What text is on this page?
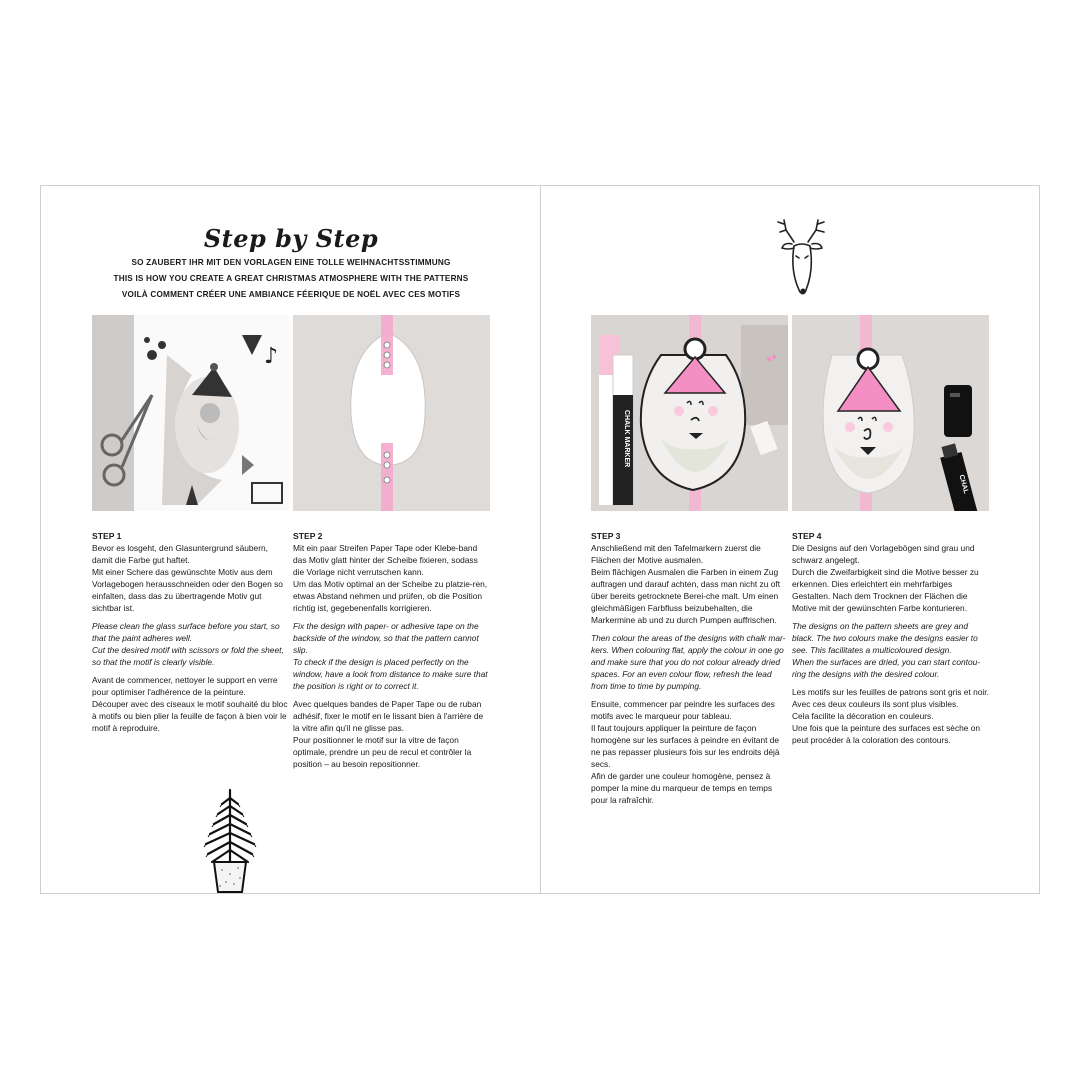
Step by Step
SO ZAUBERT IHR MIT DEN VORLAGEN EINE TOLLE WEIHNACHTSSTIMMUNG
THIS IS HOW YOU CREATE A GREAT CHRISTMAS ATMOSPHERE WITH THE PATTERNS
VOILÀ COMMENT CRÉER UNE AMBIANCE FÉERIQUE DE NOËL AVEC CES MOTIFS
♪
CHALK MARKER
CHAL
STEP 1

Bevor es losgeht, den Glasuntergrund säubern, damit die Farbe gut haftet.
Mit einer Schere das gewünschte Motiv aus dem Vorlagebogen herausschneiden oder den Bogen so einfalten, dass das zu übertragende Motiv gut sichtbar ist.

Please clean the glass surface before you start, so that the paint adheres well.
Cut the desired motif with scissors or fold the sheet, so that the motif is clearly visible.

Avant de commencer, nettoyer le support en verre pour optimiser l'adhérence de la peinture.
Découper avec des ciseaux le motif souhaité du bloc à motifs ou bien plier la feuille de façon à bien voir le motif à reproduire.

STEP 2

Mit ein paar Streifen Paper Tape oder Klebe-band das Motiv glatt hinter der Scheibe fixieren, sodass die Vorlage nicht verrutschen kann.
Um das Motiv optimal an der Scheibe zu platzie-ren, etwas Abstand nehmen und prüfen, ob die Position richtig ist, gegebenenfalls korrigieren.

Fix the design with paper- or adhesive tape on the backside of the window, so that the pattern cannot slip.
To check if the design is placed perfectly on the window, have a look from distance to make sure that the position is right or to correct it.

Avec quelques bandes de Paper Tape ou de ruban adhésif, fixer le motif en le lissant bien à l'arrière de la vitre afin qu'il ne glisse pas.
Pour positionner le motif sur la vitre de façon optimale, prendre un peu de recul et contrôler la position – au besoin repositionner.

STEP 3

Anschließend mit den Tafelmarkern zuerst die Flächen der Motive ausmalen.
Beim flächigen Ausmalen die Farben in einem Zug auftragen und darauf achten, dass man nicht zu oft über bereits getrocknete Berei-che malt. Um einen gleichmäßigen Farbfluss beizubehalten, die Markermine ab und zu durch Pumpen auffrischen.

Then colour the areas of the designs with chalk mar-kers. When colouring flat, apply the colour in one go and make sure that you do not colour already dried spaces. For an even colour flow, refresh the lead from time to time by pumping.

Ensuite, commencer par peindre les surfaces des motifs avec le marqueur pour tableau.
Il faut toujours appliquer la peinture de façon homogène sur les surfaces à peindre en évitant de ne pas repasser plusieurs fois sur les endroits déjà secs.
Afin de garder une couleur homogène, pensez à pomper la mine du marqueur de temps en temps pour la rafraîchir.

STEP 4

Die Designs auf den Vorlagebögen sind grau und schwarz angelegt.
Durch die Zweifarbigkeit sind die Motive besser zu erkennen. Dies erleichtert ein mehrfarbiges Gestalten. Nach dem Trocknen der Flächen die Motive mit der gewünschten Farbe konturieren.

The designs on the pattern sheets are grey and black. The two colours make the designs easier to see. This facilitates a multicoloured design.
When the surfaces are dried, you can start contou-ring the designs with the desired colour.

Les motifs sur les feuilles de patrons sont gris et noir.
Avec ces deux couleurs ils sont plus visibles.
Cela facilite la décoration en couleurs.
Une fois que la peinture des surfaces est sèche on peut procéder à la coloration des contours.
